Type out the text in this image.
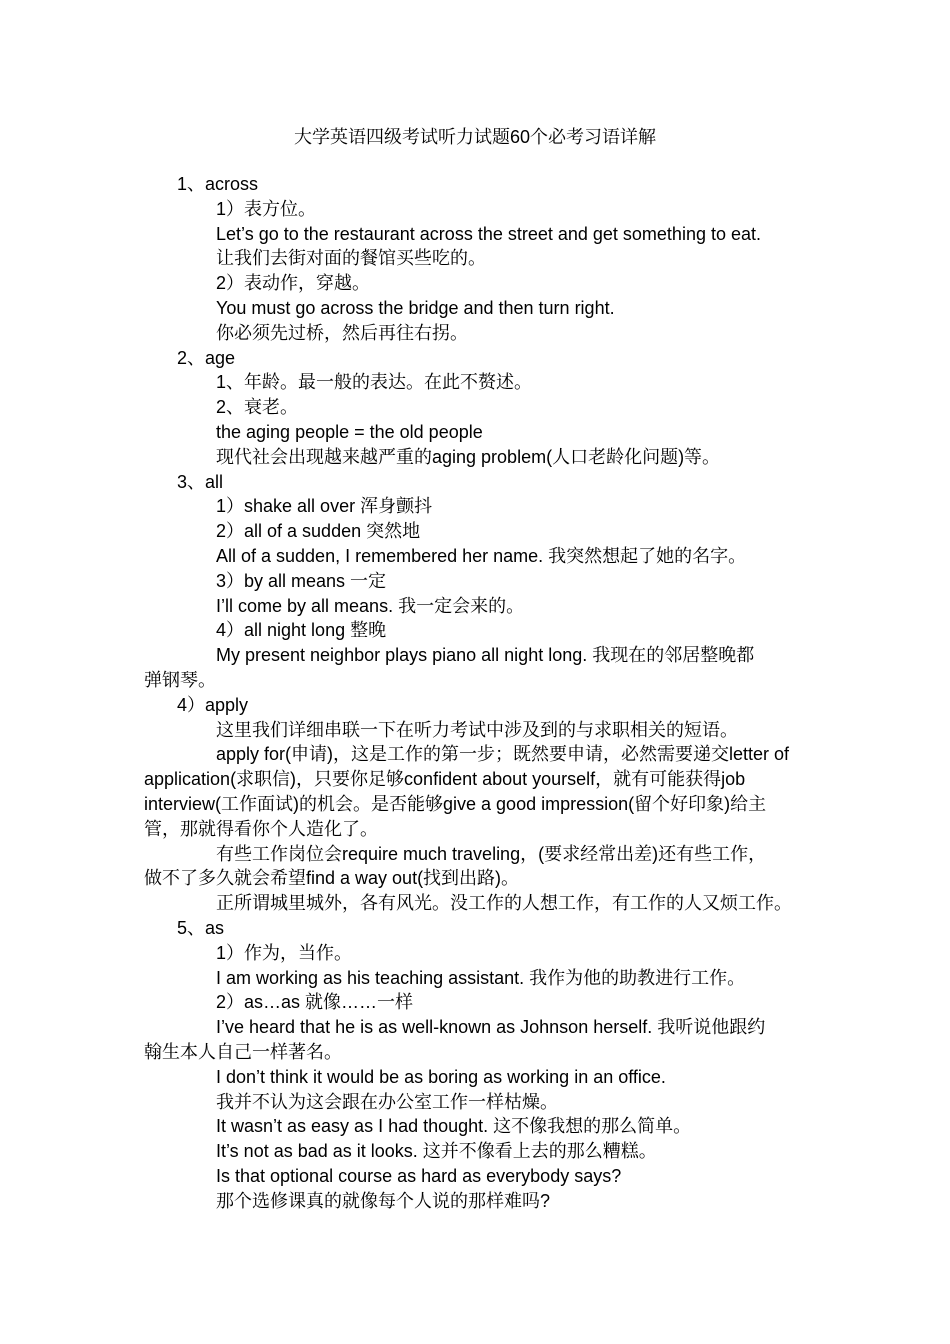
大学英语四级考试听力试题60个必考习语详解
1、across
1）表方位。
Let’s go to the restaurant across the street and get something to eat.
让我们去街对面的餐馆买些吃的。
2）表动作，穿越。
You must go across the bridge and then turn right.
你必须先过桥，然后再往右拐。
2、age
1、年龄。最一般的表达。在此不赘述。
2、衰老。
the aging people = the old people
现代社会出现越来越严重的aging problem(人口老龄化问题)等。
3、all
1）shake all over 浑身颤抖
2）all of a sudden 突然地
All of a sudden, I remembered her name. 我突然想起了她的名字。
3）by all means 一定
I’ll come by all means. 我一定会来的。
4）all night long 整晚
My present neighbor plays piano all night long. 我现在的邻居整晚都
弹钢琴。
4）apply
这里我们详细串联一下在听力考试中涉及到的与求职相关的短语。
apply for(申请)，这是工作的第一步；既然要申请，必然需要递交letter of
application(求职信)，只要你足够confident about yourself，就有可能获得job
interview(工作面试)的机会。是否能够give a good impression(留个好印象)给主
管，那就得看你个人造化了。
有些工作岗位会require much traveling，(要求经常出差)还有些工作，
做不了多久就会希望find a way out(找到出路)。
正所谓城里城外，各有风光。没工作的人想工作，有工作的人又烦工作。
5、as
1）作为，当作。
I am working as his teaching assistant. 我作为他的助教进行工作。
2）as…as 就像……一样
I’ve heard that he is as well-known as Johnson herself. 我听说他跟约
翰生本人自己一样著名。
I don’t think it would be as boring as working in an office.
我并不认为这会跟在办公室工作一样枯燥。
It wasn’t as easy as I had thought. 这不像我想的那么简单。
It’s not as bad as it looks. 这并不像看上去的那么糟糕。
Is that optional course as hard as everybody says?
那个选修课真的就像每个人说的那样难吗?
